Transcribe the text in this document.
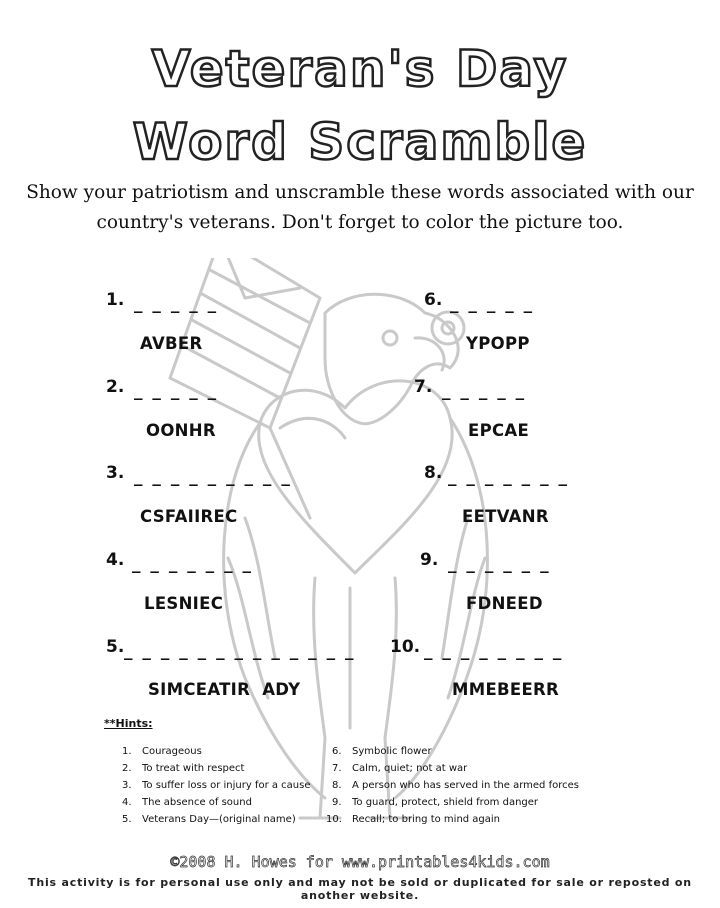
Veteran's Day
Word Scramble
Show your patriotism and unscramble these words associated with our
country's veterans. Don't forget to color the picture too.
1. _ _ _ _ _
AVBER
2. _ _ _ _ _
OONHR
3. _ _ _ _ _ _ _ _ _
CSFAIIREC
4. _ _ _ _ _ _ _
LESNIEC
5. _ _ _ _ _ _ _ _ _ _ _ _ _
SIMCEATIR  ADY
6. _ _ _ _ _
YPOPP
7. _ _ _ _ _
EPCAE
8. _ _ _ _ _ _ _
EETVANR
9. _ _ _ _ _ _
FDNEED
10. _ _ _ _ _ _ _ _
MMEBEERR
**Hints:
1. Courageous
2. To treat with respect
3. To suffer loss or injury for a cause
4. The absence of sound
5. Veterans Day—(original name)
6. Symbolic flower
7. Calm, quiet; not at war
8. A person who has served in the armed forces
9. To guard, protect, shield from danger
10. Recall; to bring to mind again
©2008 H. Howes for www.printables4kids.com
This activity is for personal use only and may not be sold or duplicated for sale or reposted on another website.
